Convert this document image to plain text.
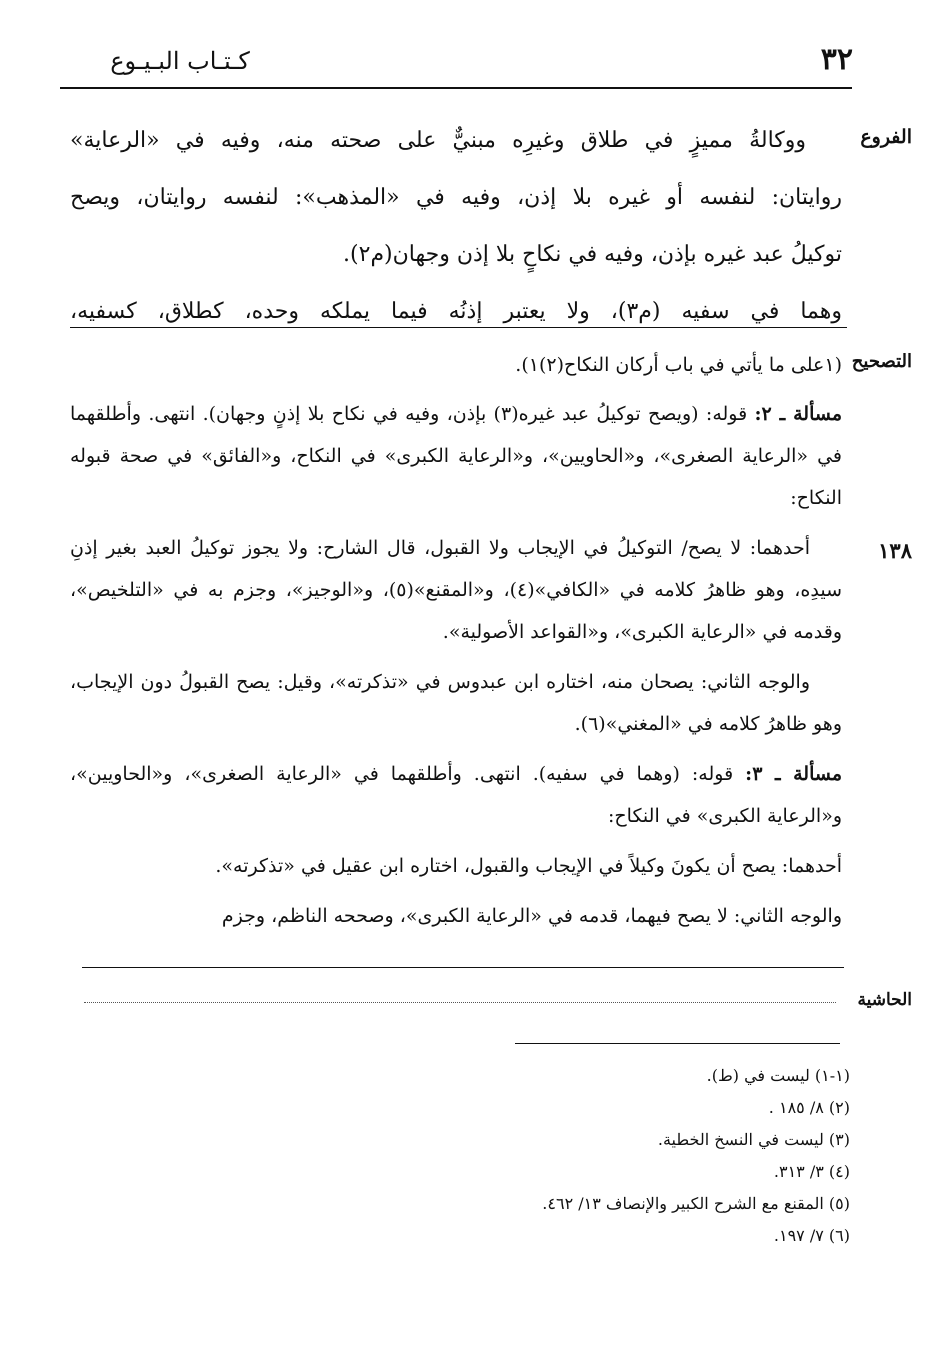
٣٢
كـتـاب البـيـوع
الفروع
التصحيح
١٣٨
الحاشية

ووكالةُ مميزٍ في طلاق وغيرِه مبنيٌّ على صحته منه، وفيه في «الرعاية»

روايتان: لنفسه أو غيره بلا إذن، وفيه في «المذهب»: لنفسه روايتان، ويصح

توكيلُ عبد غيره بإذن، وفيه في نكاحٍ بلا إذن وجهان(م٢).

وهما في سفيه (م٣)، ولا يعتبر إذنُه فيما يملكه وحده، كطلاق، كسفيه،

(١على ما يأتي في باب أركان النكاح(٢)١).

مسألة ـ ٢: قوله: (ويصح توكيلُ عبد غيره(٣) بإذن، وفيه في نكاح بلا إذنٍ وجهان). انتهى. وأطلقهما في «الرعاية الصغرى»، و«الحاويين»، و«الرعاية الكبرى» في النكاح، و«الفائق» في صحة قبوله النكاح:

أحدهما: لا يصح/ التوكيلُ في الإيجاب ولا القبول، قال الشارح: ولا يجوز توكيلُ العبد بغير إذنِ سيدِه، وهو ظاهرُ كلامه في «الكافي»(٤)، و«المقنع»(٥)، و«الوجيز»، وجزم به في «التلخيص»، وقدمه في «الرعاية الكبرى»، و«القواعد الأصولية».

والوجه الثاني: يصحان منه، اختاره ابن عبدوس في «تذكرته»، وقيل: يصح القبولُ دون الإيجاب، وهو ظاهرُ كلامه في «المغني»(٦).

مسألة ـ ٣: قوله: (وهما في سفيه). انتهى. وأطلقهما في «الرعاية الصغرى»، و«الحاويين»، و«الرعاية الكبرى» في النكاح:

أحدهما: يصح أن يكونَ وكيلاً في الإيجاب والقبول، اختاره ابن عقيل في «تذكرته».

والوجه الثاني: لا يصح فيهما، قدمه في «الرعاية الكبرى»، وصححه الناظم، وجزم

(١-١) ليست في (ط).
(٢) ٨/ ١٨٥ .
(٣) ليست في النسخ الخطية.
(٤) ٣/ ٣١٣.
(٥) المقنع مع الشرح الكبير والإنصاف ١٣/ ٤٦٢.
(٦) ٧/ ١٩٧.
